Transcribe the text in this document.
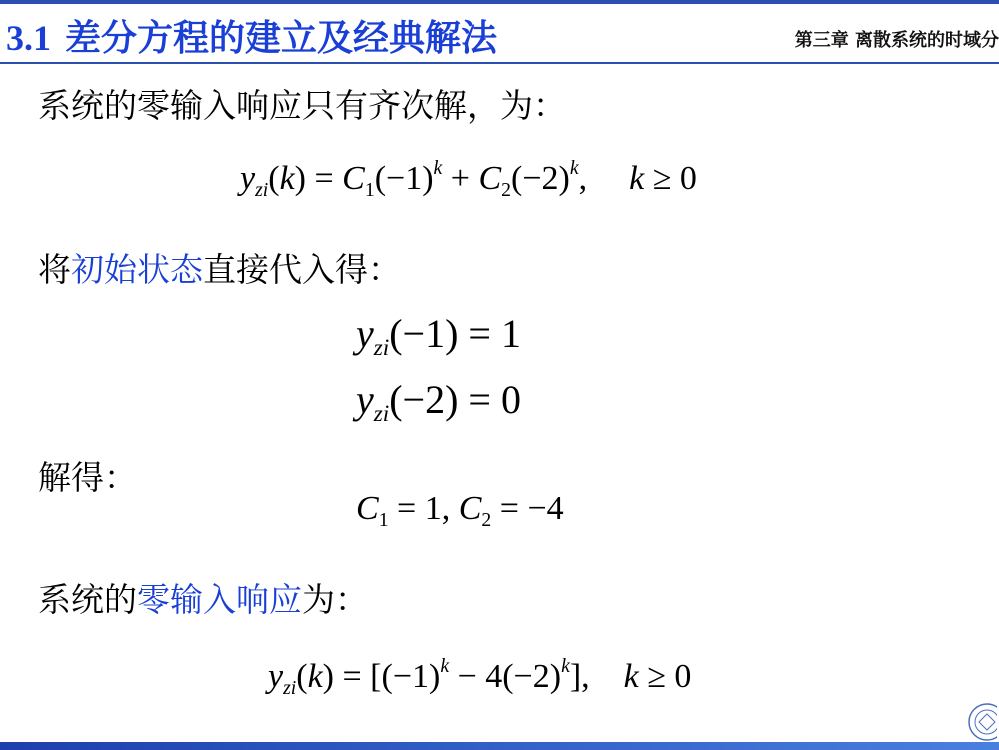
3.1 差分方程的建立及经典解法	第三章 离散系统的时域分
系统的零输入响应只有齐次解，为：
$y_{zi}(k) = C_1(-1)^k + C_2(-2)^k$, k ≥ 0
将初始状态直接代入得：
$y_{zi}(-1) = 1$
$y_{zi}(-2) = 0$
解得：
$C_1 = 1$, $C_2 = -4$
系统的零输入响应为：
$y_{zi}(k) = [(-1)^k - 4(-2)^k]$, k ≥ 0
